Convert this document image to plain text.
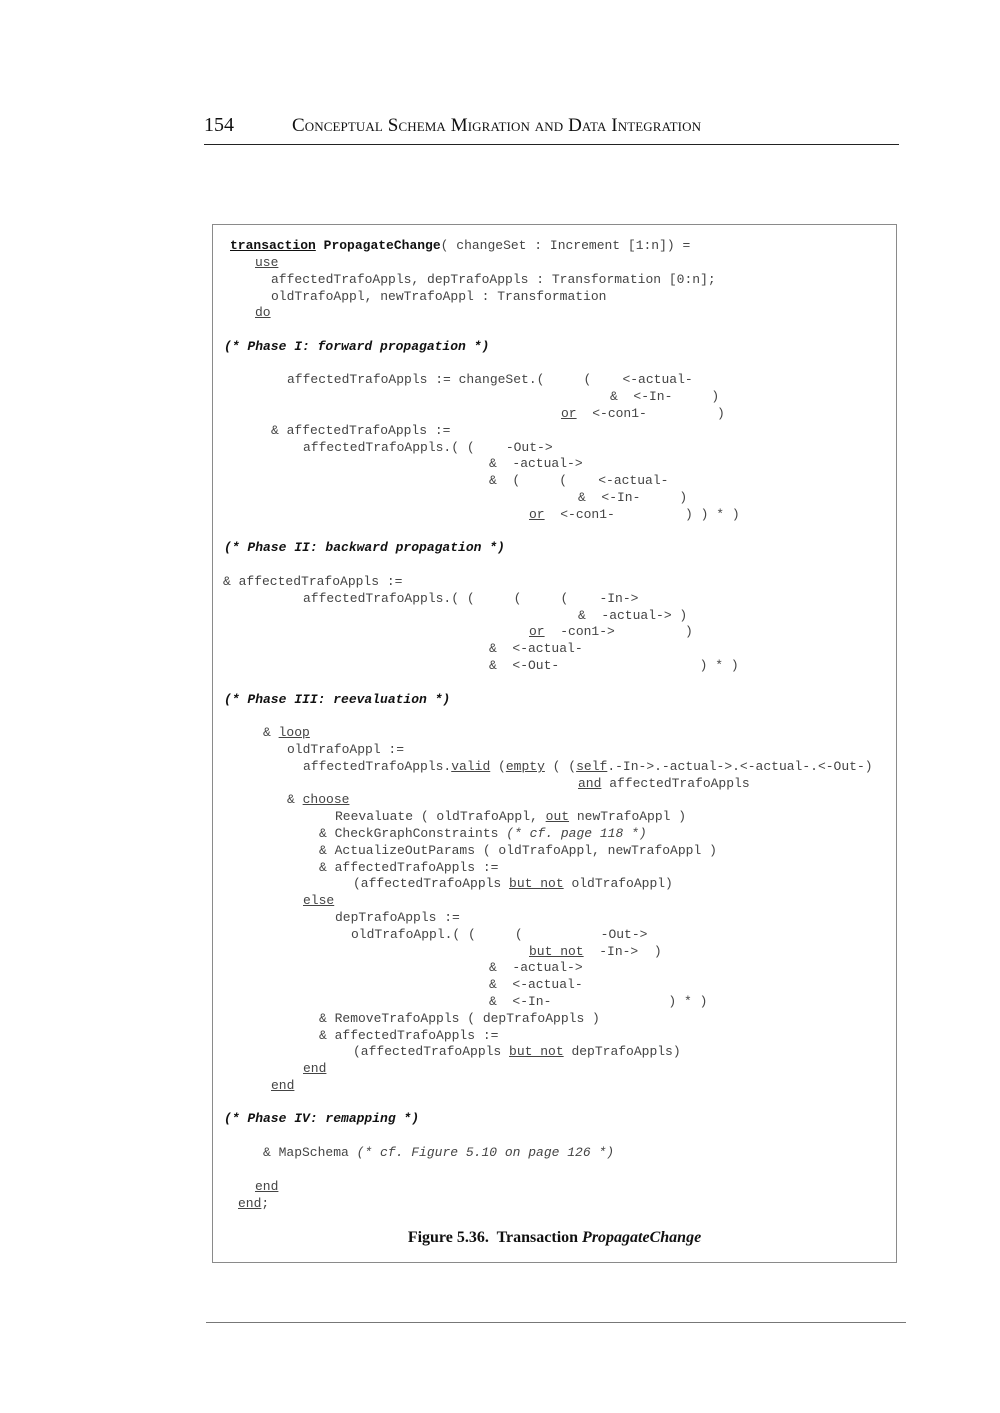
154	Conceptual Schema Migration and Data Integration
transaction PropagateChange( changeSet : Increment [1:n]) =
use
affectedTrafoAppls, depTrafoAppls : Transformation [0:n];
oldTrafoAppl, newTrafoAppl : Transformation
do
(* Phase I: forward propagation *)
affectedTrafoAppls := changeSet.(     (    <-actual-
&  <-In-     )
or <-con1-         )
& affectedTrafoAppls :=
affectedTrafoAppls.( (    -Out->
&  -actual->
&  (     (    <-actual-
&  <-In-     )
or <-con1-         ) ) * )
(* Phase II: backward propagation *)
& affectedTrafoAppls :=
affectedTrafoAppls.( (     (     (    -In->
&  -actual-> )
or -con1->         )
&  <-actual-
&  <-Out-                  ) * )
(* Phase III: reevaluation *)
& loop
oldTrafoAppl :=
affectedTrafoAppls.valid (empty ( (self.-In->.-actual->.<-actual-.<-Out-)
and affectedTrafoAppls
& choose
Reevaluate ( oldTrafoAppl, out newTrafoAppl )
& CheckGraphConstraints (* cf. page 118 *)
& ActualizeOutParams ( oldTrafoAppl, newTrafoAppl )
& affectedTrafoAppls :=
(affectedTrafoAppls but not oldTrafoAppl)
else
depTrafoAppls :=
oldTrafoAppl.( (     (          -Out->
but not  -In->  )
&  -actual->
&  <-actual-
&  <-In-               ) * )
& RemoveTrafoAppls ( depTrafoAppls )
& affectedTrafoAppls :=
(affectedTrafoAppls but not depTrafoAppls)
end
end
(* Phase IV: remapping *)
& MapSchema (* cf. Figure 5.10 on page 126 *)
end
end;
Figure 5.36. Transaction PropagateChange
